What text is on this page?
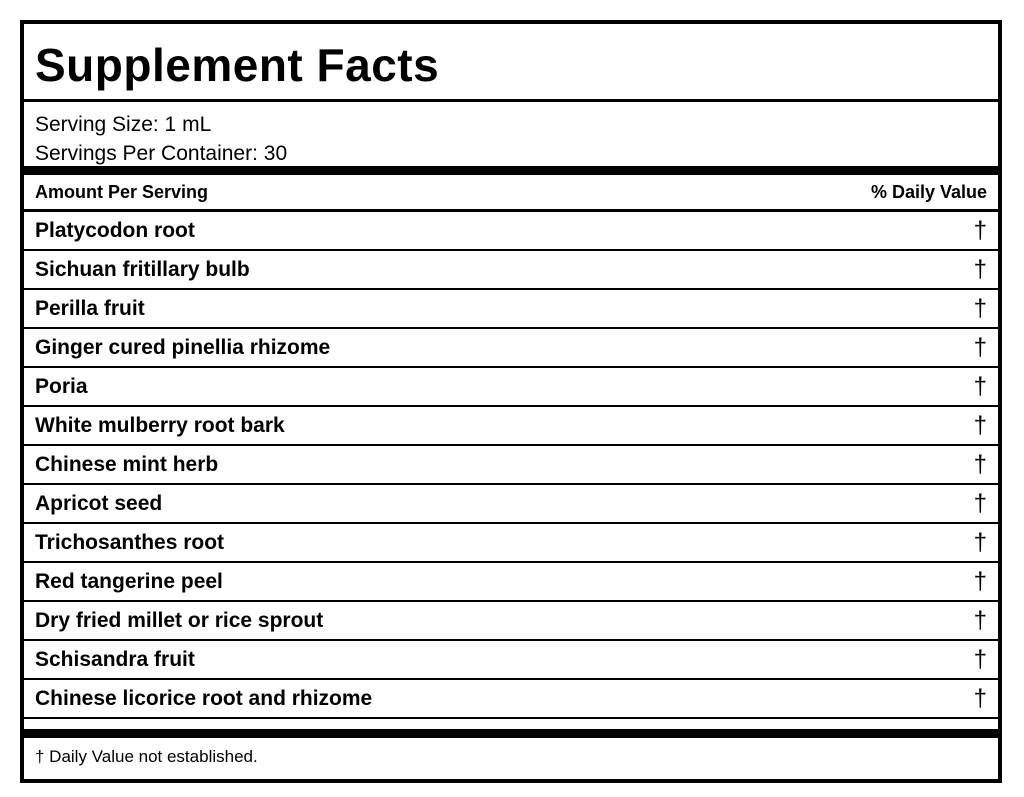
Supplement Facts
Serving Size: 1 mL
Servings Per Container: 30
Amount Per Serving	% Daily Value
Platycodon root	†
Sichuan fritillary bulb	†
Perilla fruit	†
Ginger cured pinellia rhizome	†
Poria	†
White mulberry root bark	†
Chinese mint herb	†
Apricot seed	†
Trichosanthes root	†
Red tangerine peel	†
Dry fried millet or rice sprout	†
Schisandra fruit	†
Chinese licorice root and rhizome	†
† Daily Value not established.
